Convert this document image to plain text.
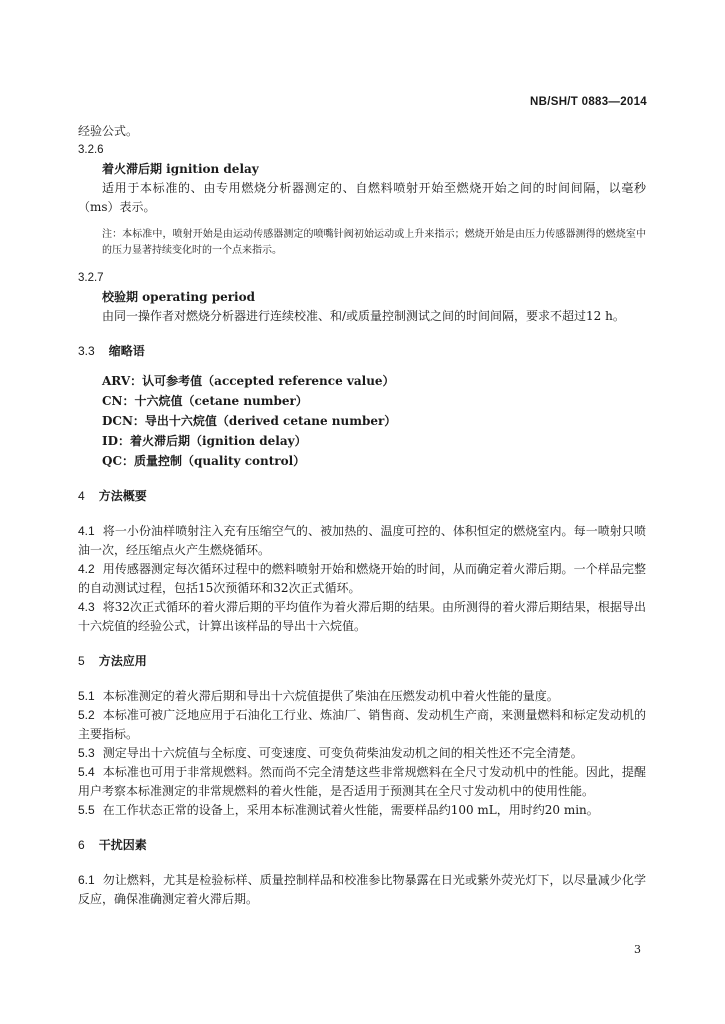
NB/SH/T 0883—2014

经验公式。

3.2.6
着火滞后期 ignition delay

适用于本标准的、由专用燃烧分析器测定的、自燃料喷射开始至燃烧开始之间的时间间隔，以毫秒（ms）表示。

注：本标准中，喷射开始是由运动传感器测定的喷嘴针阀初始运动或上升来指示；燃烧开始是由压力传感器测得的燃烧室中的压力显著持续变化时的一个点来指示。

3.2.7
校验期 operating period

由同一操作者对燃烧分析器进行连续校准、和/或质量控制测试之间的时间间隔，要求不超过12 h。

3.3 缩略语
ARV：认可参考值（accepted reference value）
CN：十六烷值（cetane number）
DCN：导出十六烷值（derived cetane number）
ID：着火滞后期（ignition delay）
QC：质量控制（quality control）
4 方法概要

4.1 将一小份油样喷射注入充有压缩空气的、被加热的、温度可控的、体积恒定的燃烧室内。每一喷射只喷油一次，经压缩点火产生燃烧循环。

4.2 用传感器测定每次循环过程中的燃料喷射开始和燃烧开始的时间，从而确定着火滞后期。一个样品完整的自动测试过程，包括15次预循环和32次正式循环。

4.3 将32次正式循环的着火滞后期的平均值作为着火滞后期的结果。由所测得的着火滞后期结果，根据导出十六烷值的经验公式，计算出该样品的导出十六烷值。

5 方法应用

5.1 本标准测定的着火滞后期和导出十六烷值提供了柴油在压燃发动机中着火性能的量度。

5.2 本标准可被广泛地应用于石油化工行业、炼油厂、销售商、发动机生产商，来测量燃料和标定发动机的主要指标。

5.3 测定导出十六烷值与全标度、可变速度、可变负荷柴油发动机之间的相关性还不完全清楚。

5.4 本标准也可用于非常规燃料。然而尚不完全清楚这些非常规燃料在全尺寸发动机中的性能。因此，提醒用户考察本标准测定的非常规燃料的着火性能，是否适用于预测其在全尺寸发动机中的使用性能。

5.5 在工作状态正常的设备上，采用本标准测试着火性能，需要样品约100 mL，用时约20 min。

6 干扰因素

6.1 勿让燃料，尤其是检验标样、质量控制样品和校准参比物暴露在日光或紫外荧光灯下，以尽量减少化学反应，确保准确测定着火滞后期。

3
